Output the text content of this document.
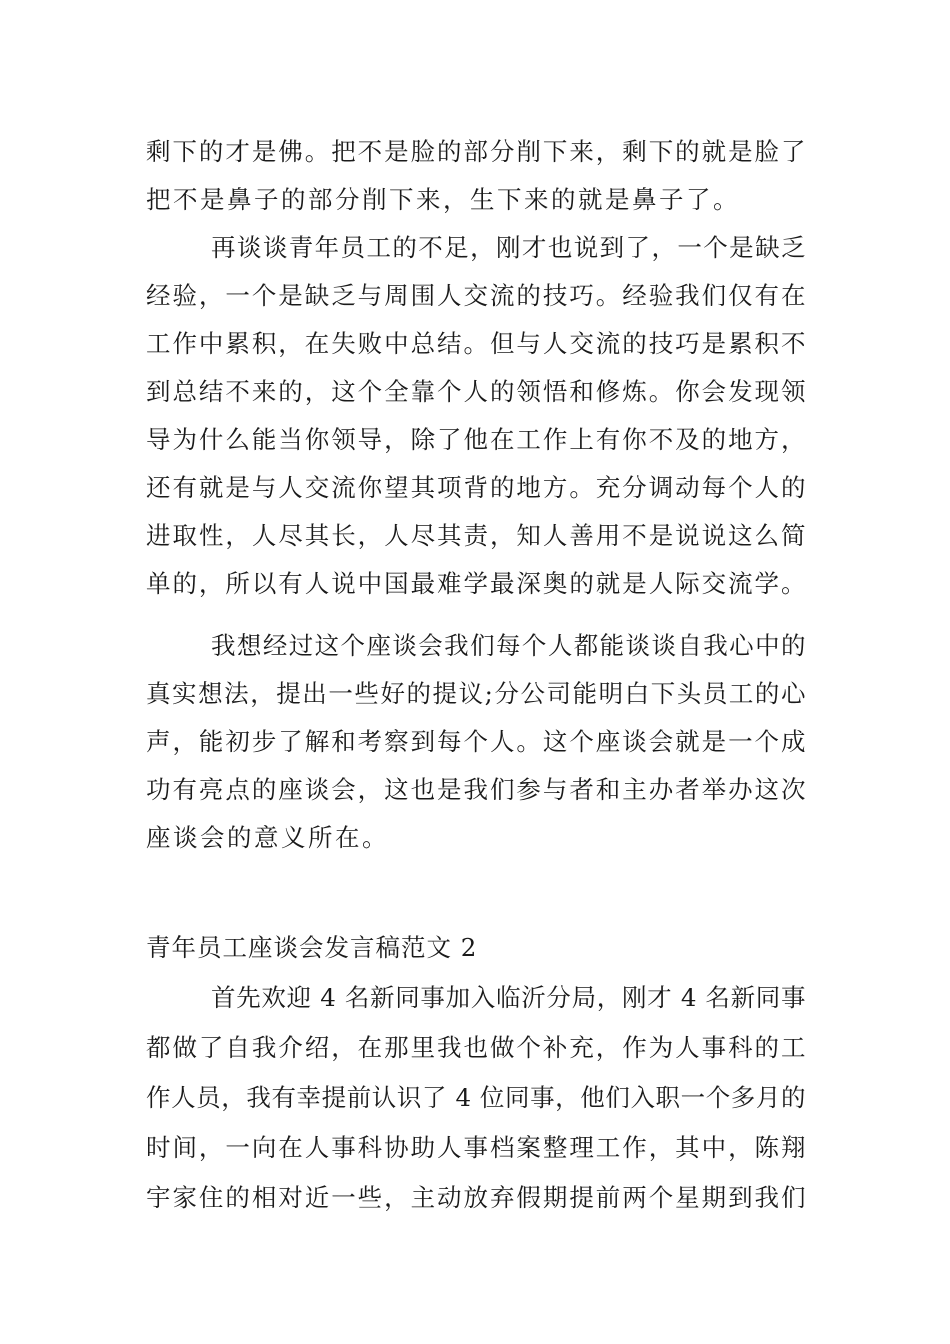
剩下的才是佛。把不是脸的部分削下来，剩下的就是脸了
把不是鼻子的部分削下来，生下来的就是鼻子了。
再谈谈青年员工的不足，刚才也说到了，一个是缺乏
经验，一个是缺乏与周围人交流的技巧。经验我们仅有在
工作中累积，在失败中总结。但与人交流的技巧是累积不
到总结不来的，这个全靠个人的领悟和修炼。你会发现领
导为什么能当你领导，除了他在工作上有你不及的地方，
还有就是与人交流你望其项背的地方。充分调动每个人的
进取性，人尽其长，人尽其责，知人善用不是说说这么简
单的，所以有人说中国最难学最深奥的就是人际交流学。
我想经过这个座谈会我们每个人都能谈谈自我心中的
真实想法，提出一些好的提议;分公司能明白下头员工的心
声，能初步了解和考察到每个人。这个座谈会就是一个成
功有亮点的座谈会，这也是我们参与者和主办者举办这次
座谈会的意义所在。
青年员工座谈会发言稿范文 2
首先欢迎 4 名新同事加入临沂分局，刚才 4 名新同事
都做了自我介绍，在那里我也做个补充，作为人事科的工
作人员，我有幸提前认识了 4 位同事，他们入职一个多月的
时间，一向在人事科协助人事档案整理工作，其中，陈翔
宇家住的相对近一些，主动放弃假期提前两个星期到我们
